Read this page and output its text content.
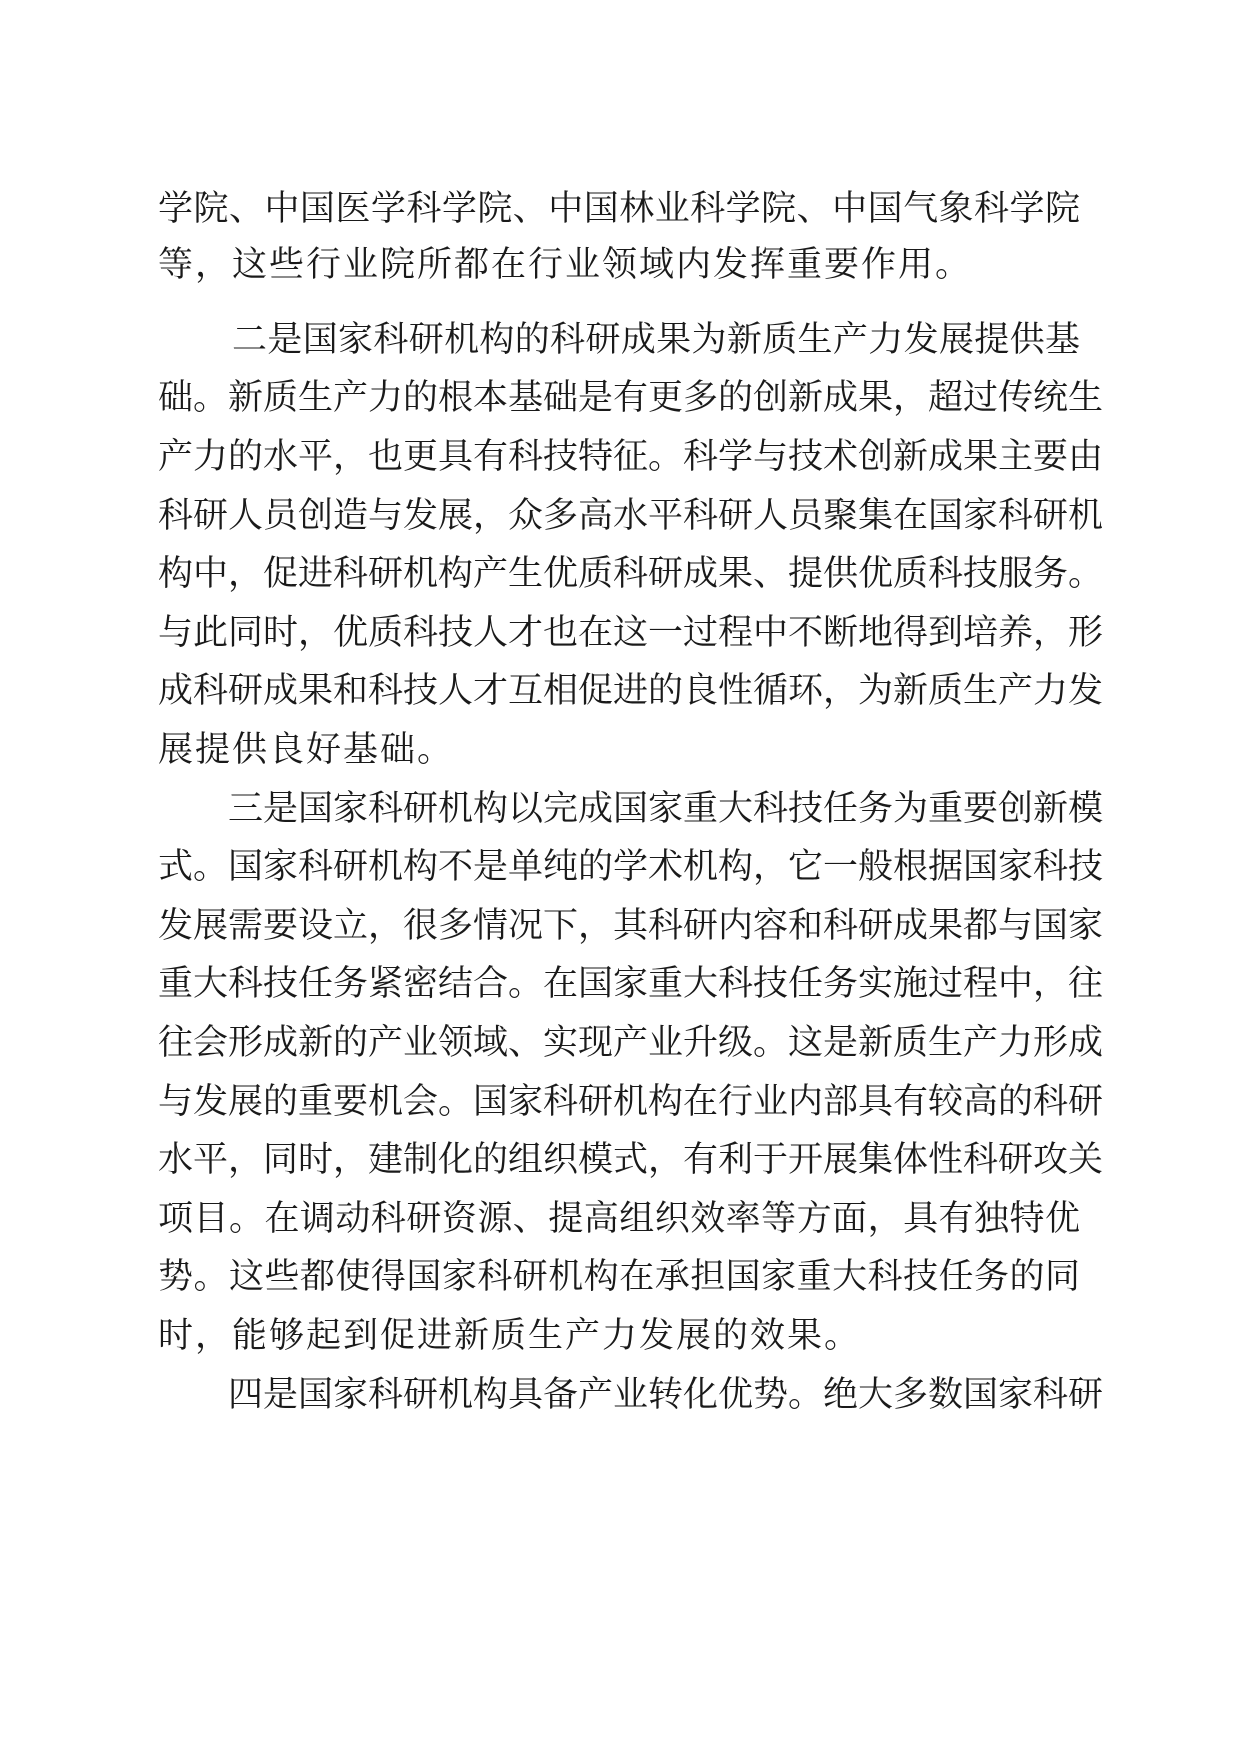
学院、中国医学科学院、中国林业科学院、中国气象科学院
等，这些行业院所都在行业领域内发挥重要作用。
二是国家科研机构的科研成果为新质生产力发展提供基
础。新质生产力的根本基础是有更多的创新成果，超过传统生
产力的水平，也更具有科技特征。科学与技术创新成果主要由
科研人员创造与发展，众多高水平科研人员聚集在国家科研机
构中，促进科研机构产生优质科研成果、提供优质科技服务。
与此同时，优质科技人才也在这一过程中不断地得到培养，形
成科研成果和科技人才互相促进的良性循环，为新质生产力发
展提供良好基础。
三是国家科研机构以完成国家重大科技任务为重要创新模
式。国家科研机构不是单纯的学术机构，它一般根据国家科技
发展需要设立，很多情况下，其科研内容和科研成果都与国家
重大科技任务紧密结合。在国家重大科技任务实施过程中，往
往会形成新的产业领域、实现产业升级。这是新质生产力形成
与发展的重要机会。国家科研机构在行业内部具有较高的科研
水平，同时，建制化的组织模式，有利于开展集体性科研攻关
项目。在调动科研资源、提高组织效率等方面，具有独特优
势。这些都使得国家科研机构在承担国家重大科技任务的同
时，能够起到促进新质生产力发展的效果。
四是国家科研机构具备产业转化优势。绝大多数国家科研
